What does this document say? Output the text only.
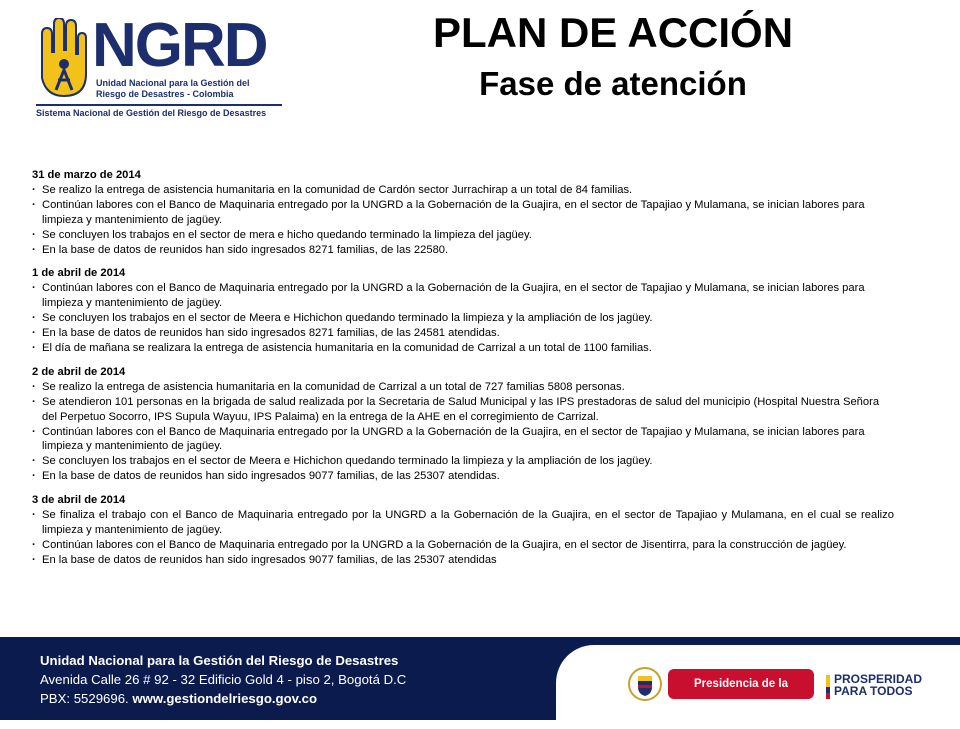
NGRD
Unidad Nacional para la Gestión del
Riesgo de Desastres - Colombia
Sistema Nacional de Gestión del Riesgo de Desastres
PLAN DE ACCIÓN
Fase de atención
31 de marzo de 2014
· Se realizo la entrega de asistencia humanitaria en la comunidad de Cardón sector Jurrachirap a un total de 84 familias.
· Continúan labores con el Banco de Maquinaria entregado por la UNGRD a la Gobernación de la Guajira, en el sector de Tapajiao y Mulamana, se inician labores para limpieza y mantenimiento de jagüey.
· Se concluyen los trabajos en el sector de mera e hicho quedando terminado la limpieza del jagüey.
· En la base de datos de reunidos han sido ingresados 8271 familias, de las 22580.
1 de abril de 2014
· Continúan labores con el Banco de Maquinaria entregado por la UNGRD a la Gobernación de la Guajira, en el sector de Tapajiao y Mulamana, se inician labores para limpieza y mantenimiento de jagüey.
· Se concluyen los trabajos en el sector de Meera e Hichichon quedando terminado la limpieza y la ampliación de los jagüey.
· En la base de datos de reunidos han sido ingresados 8271 familias, de las 24581 atendidas.
· El día de mañana se realizara la entrega de asistencia humanitaria en la comunidad de Carrizal a un total de 1100 familias.
2 de abril de 2014
· Se realizo la entrega de asistencia humanitaria en la comunidad de Carrizal a un total de 727 familias 5808 personas.
· Se atendieron 101 personas en la brigada de salud realizada por la Secretaria de Salud Municipal y las IPS prestadoras de salud del municipio (Hospital Nuestra Señora del Perpetuo Socorro, IPS Supula Wayuu, IPS Palaima) en la entrega de la AHE en el corregimiento de Carrizal.
· Continúan labores con el Banco de Maquinaria entregado por la UNGRD a la Gobernación de la Guajira, en el sector de Tapajiao y Mulamana, se inician labores para limpieza y mantenimiento de jagüey.
· Se concluyen los trabajos en el sector de Meera e Hichichon quedando terminado la limpieza y la ampliación de los jagüey.
· En la base de datos de reunidos han sido ingresados 9077 familias, de las 25307 atendidas.
3 de abril de 2014
· Se finaliza el trabajo con el Banco de Maquinaria entregado por la UNGRD a la Gobernación de la Guajira, en el sector de Tapajiao y Mulamana, en el cual se realizo limpieza y mantenimiento de jagüey.
· Continúan labores con el Banco de Maquinaria entregado por la UNGRD a la Gobernación de la Guajira, en el sector de Jisentirra, para la construcción de jagüey.
· En la base de datos de reunidos han sido ingresados 9077 familias, de las 25307 atendidas
Unidad Nacional para la Gestión del Riesgo de Desastres
Avenida Calle 26 # 92 - 32 Edificio Gold 4 - piso 2, Bogotá D.C
PBX: 5529696. www.gestiondelriesgo.gov.co
Presidencia de la República
PROSPERIDAD
PARA TODOS
